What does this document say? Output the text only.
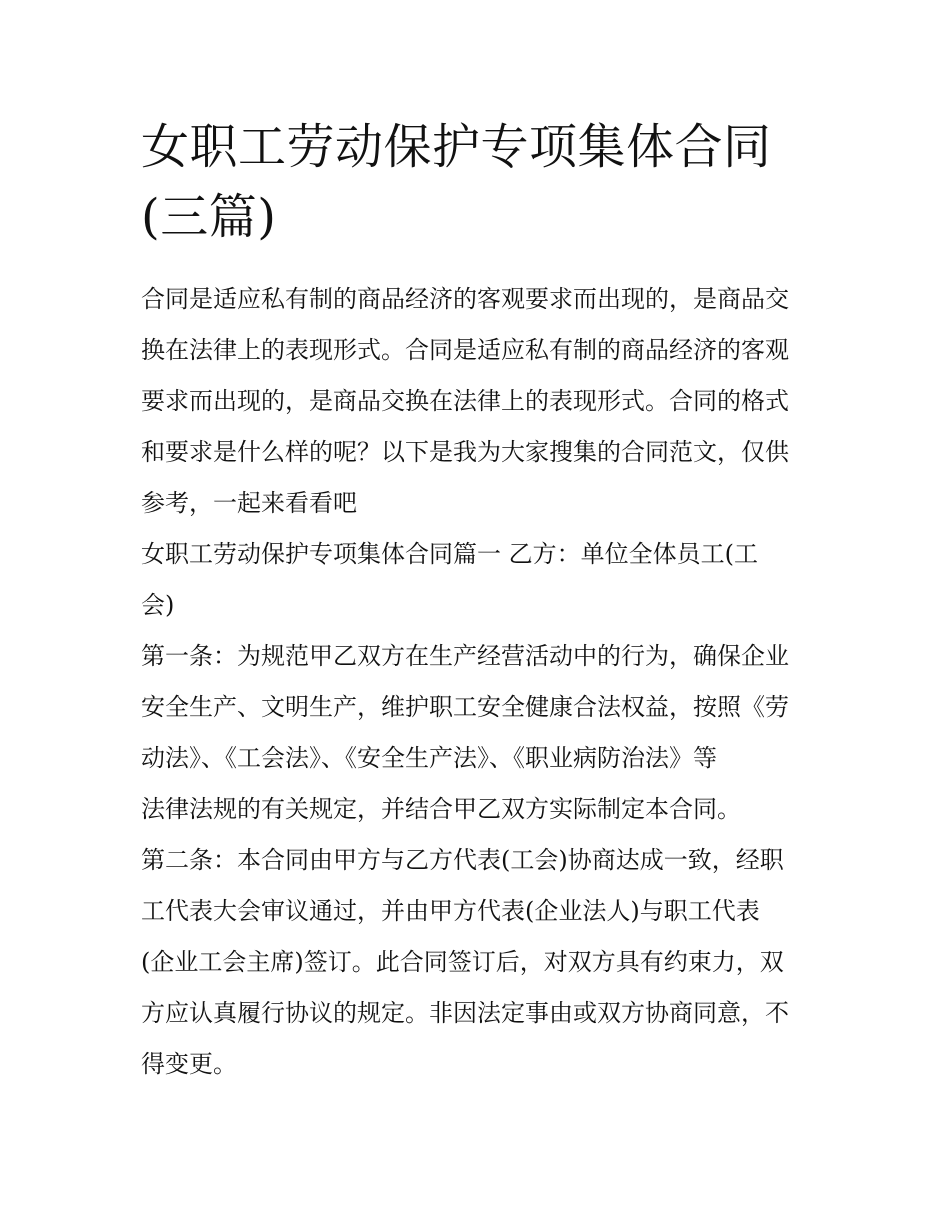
女职工劳动保护专项集体合同
(三篇)

合同是适应私有制的商品经济的客观要求而出现的，是商品交
换在法律上的表现形式。合同是适应私有制的商品经济的客观
要求而出现的，是商品交换在法律上的表现形式。合同的格式
和要求是什么样的呢？以下是我为大家搜集的合同范文，仅供
参考，一起来看看吧

女职工劳动保护专项集体合同篇一 乙方：单位全体员工(工
会)

第一条：为规范甲乙双方在生产经营活动中的行为，确保企业
安全生产、文明生产，维护职工安全健康合法权益，按照《劳
动法》、《工会法》、《安全生产法》、《职业病防治法》等
法律法规的有关规定，并结合甲乙双方实际制定本合同。

第二条：本合同由甲方与乙方代表(工会)协商达成一致，经职
工代表大会审议通过，并由甲方代表(企业法人)与职工代表
(企业工会主席)签订。此合同签订后，对双方具有约束力，双
方应认真履行协议的规定。非因法定事由或双方协商同意，不
得变更。
